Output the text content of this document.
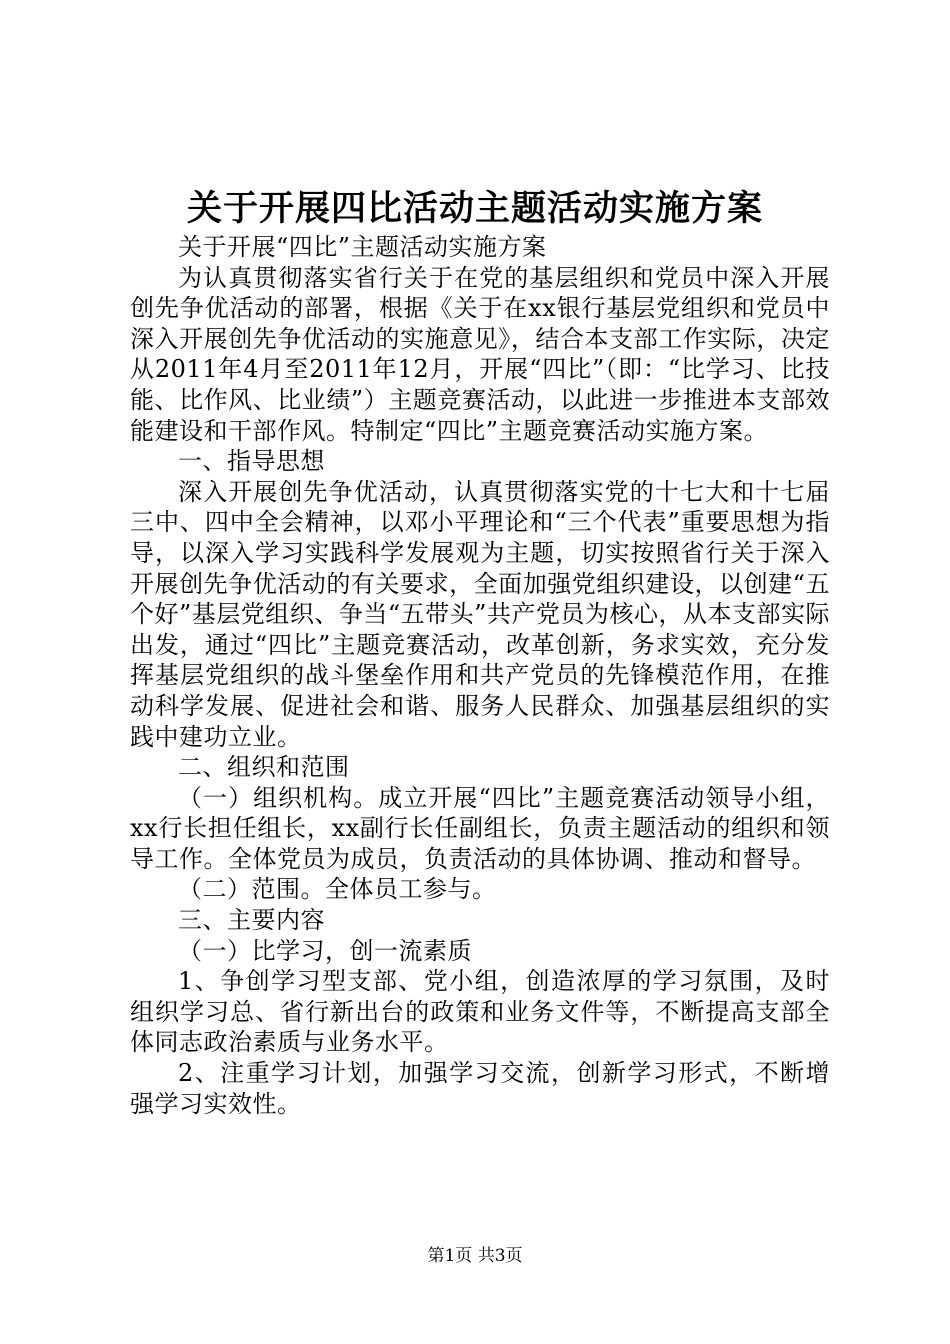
关于开展四比活动主题活动实施方案

关于开展“四比”主题活动实施方案

为认真贯彻落实省行关于在党的基层组织和党员中深入开展创先争优活动的部署，根据《关于在xx银行基层党组织和党员中深入开展创先争优活动的实施意见》，结合本支部工作实际，决定从2011年4月至2011年12月，开展“四比”（即：“比学习、比技能、比作风、比业绩”）主题竞赛活动，以此进一步推进本支部效能建设和干部作风。特制定“四比”主题竞赛活动实施方案。

一、指导思想

深入开展创先争优活动，认真贯彻落实党的十七大和十七届三中、四中全会精神，以邓小平理论和“三个代表”重要思想为指导，以深入学习实践科学发展观为主题，切实按照省行关于深入开展创先争优活动的有关要求，全面加强党组织建设，以创建“五个好”基层党组织、争当“五带头”共产党员为核心，从本支部实际出发，通过“四比”主题竞赛活动，改革创新，务求实效，充分发挥基层党组织的战斗堡垒作用和共产党员的先锋模范作用，在推动科学发展、促进社会和谐、服务人民群众、加强基层组织的实践中建功立业。

二、组织和范围

（一）组织机构。成立开展“四比”主题竞赛活动领导小组，xx行长担任组长，xx副行长任副组长，负责主题活动的组织和领导工作。全体党员为成员，负责活动的具体协调、推动和督导。

（二）范围。全体员工参与。

三、主要内容

（一）比学习，创一流素质

1、争创学习型支部、党小组，创造浓厚的学习氛围，及时组织学习总、省行新出台的政策和业务文件等，不断提高支部全体同志政治素质与业务水平。

2、注重学习计划，加强学习交流，创新学习形式，不断增强学习实效性。

第1页 共3页
